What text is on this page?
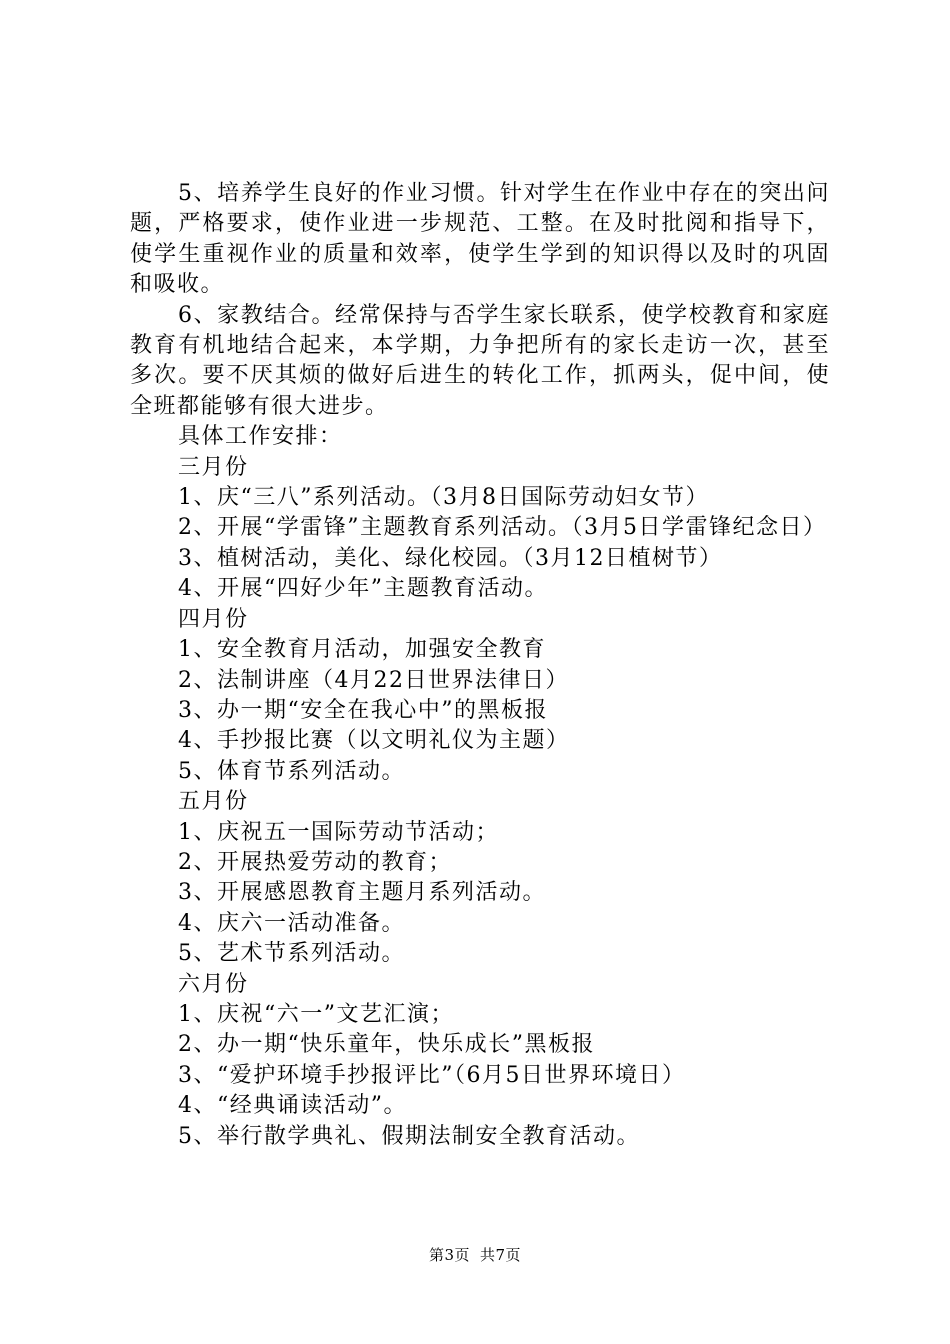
5、培养学生良好的作业习惯。针对学生在作业中存在的突出问题，严格要求，使作业进一步规范、工整。在及时批阅和指导下，使学生重视作业的质量和效率，使学生学到的知识得以及时的巩固和吸收。

6、家教结合。经常保持与否学生家长联系，使学校教育和家庭教育有机地结合起来，本学期，力争把所有的家长走访一次，甚至多次。要不厌其烦的做好后进生的转化工作，抓两头，促中间，使全班都能够有很大进步。

具体工作安排：

三月份

1、庆“三八”系列活动。（3月8日国际劳动妇女节）

2、开展“学雷锋”主题教育系列活动。（3月5日学雷锋纪念日）

3、植树活动，美化、绿化校园。（3月12日植树节）

4、开展“四好少年”主题教育活动。

四月份

1、安全教育月活动，加强安全教育

2、法制讲座（4月22日世界法律日）

3、办一期“安全在我心中”的黑板报

4、手抄报比赛（以文明礼仪为主题）

5、体育节系列活动。

五月份

1、庆祝五一国际劳动节活动；

2、开展热爱劳动的教育；

3、开展感恩教育主题月系列活动。

4、庆六一活动准备。

5、艺术节系列活动。

六月份

1、庆祝“六一”文艺汇演；

2、办一期“快乐童年，快乐成长”黑板报

3、“爱护环境手抄报评比”（6月5日世界环境日）

4、“经典诵读活动”。

5、举行散学典礼、假期法制安全教育活动。

第3页 共7页
